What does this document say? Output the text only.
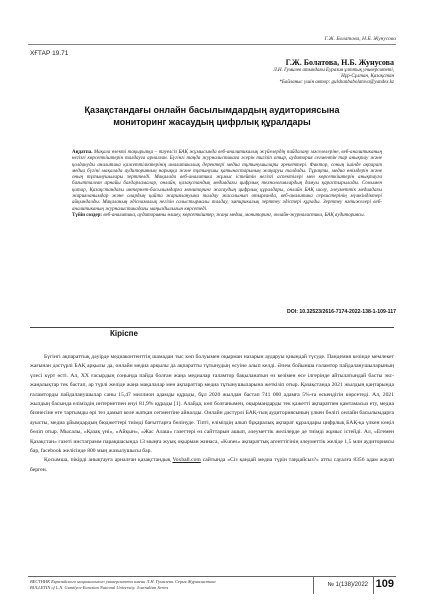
Г.Ж. Болатова, Н.Б. Жунусова
ХҒТАР 19.71
Г.Ж. Болатова, Н.Б. Жунусова
Л.Н. Гумилев атындағы Еуразия ұлттық университеті,
Нұр-Сұлтан, Қазақстан
*Байланыс үшін автор: gulshanbabolatova@yandex.kz
Қазақстандағы онлайн басылымдардың аудиториясына
мониторинг жасаудың цифрлық құралдары
Аңдатпа. Мақала өзекті тақырыпқа – тәуелсіз БАҚ жұмысында веб-аналитикалық жүйелердің пайдалану мәселелеріне, веб-аналитиканың негізгі көрсеткіштерін талдауға арналған. Бүгінгі таңда журналистикаға әсерін тигізіп отыр, аудитория сегментін тар анықтау және қолдануды аналитика қажеттіліктерінің аналитикалық деректері медиа тұтынушылары әрекеттері. Фактор, соның ішінде ақпарат медиа бүгіні мақалада аудиторияның нарыққа және тұтынушы қатынастарының жаңаруы талдады. Тұрақты, медиа өнімдерін және оның тұтынушылары зерттелді. Мақалада веб-аналитика жұмыс істейтін негізгі аспектілері мен көрсеткіштерін анықтауға бағытталған арнайы бағдарламалар, онлайн, қазақстандық медиадағы цифрлық технологиялардың дамуы қарастырылады. Сонымен қатар, Қазақстандағы интернет-басылымдарға мониторинг жасаудың цифрлық құралдары, онлайн БАҚ шолу, әлеуметтік медиадағы жарияланымдар және олардың қайта жариялануына талдау жасалынып отырғанда, веб-аналитика сервистерінің мүмкіндіктері айқындалды. Мақаланың әдіснамалық негізін салыстырмалы талдау, эмпирикалық зерттеу әдістері құрады. Зерттеу нәтижелері веб-аналитиканың журналистикадағы маңыздылығын көрсетеді.
Түйін сөздер: веб-аналитика, аудиторияны өлшеу, көрсеткіштер, жаңа медиа, мониторинг, онлайн-журналистика, БАҚ аудиториясы.
DOI: 10.32523/2616-7174-2022-138-1-109-117
Кіріспе

Бүгінгі ақпараттық дәуірде медиаконтенттің шамадан тыс көп болуымен оқырман назарын аударуы қиындай түсуде. Пандемия кезінде мемлекет жағынан дәстүрлі БАҚ арқылы да, онлайн медиа арқылы да ақпаратты тұтынудың өсуіне алып келді. Әлем бойынша ғаламтор пайдаланушыларының үлесі күрт өсті. Ал, ХХ ғасырдың соңында пайда болған жаңа медиалар ғаламтор бақыланатын өз кезімен өсе ілгерінде айтылатындай басты экс-жаңалықтар тек бастап, әр түрлі желіде жаңа мақалалар мен ақпараттар медиа тұтынушыларына жеткізіп отыр. Қазақстанда 2021 жылдың қаңтарында ғаламторды пайдаланушылар саны 15,47 миллион адамды құрады, бұл 2020 жылдан бастап 741 000 адамға 5%-ға өскендігін көрсетеді. Ал, 2021 жылдың басында еліміздің интернетпен енуі 81,9% құрады [1]. Алайда, көп болғанымен, оқырмандарды тек қажетті ақпаратпен қамтамасыз ету, медиа бизнесіне өте тартымды өрі тез дамып келе жатқан сегментіне айналды. Онлайн дәстүрлі БАҚ-тың аудиториясының үлкен бөлігі онлайн басылымдарға ауысты, медиа ұйымдардың бюджеттері тиімді бағыттарға бөлінуде. Тіпті, еліміздің алып бұқаралық ақпарат құралдары цифрлық БАҚ-қа үлкен көңіл бөліп отыр. Мысалы, «Қазақ үні», «Айқын», «Жас Алаш» газеттері өз сайттарын ашып, әлеуметтік желілерде де тиімді жұмыс істейді. Ал, «Егемен Қазақстан» газеті инстаграмм парақшасында 13 мыңға жуық оқырман жинаса, «Kunes» ақпараттық агенттігінің әлеуметтік желіде 1,5 млн аудиториясы бар, facebook желісінде 800 мың жазылушысы бар.

Қосымша, пікірді анықтауға арналған қазақстандық Voxball.com сайтында «Сіз қандай медиа түрін таңдайсыз?» атты сауалға 8356 адам жауап берген.

ВЕСТНИК Евразийского национального университета имени Л.Н. Гумилева. Серия Журналистика
BULLETIN of L.N. Gumilyov Eurasian National University. Journalism Series	№ 1(138)/2022 109
